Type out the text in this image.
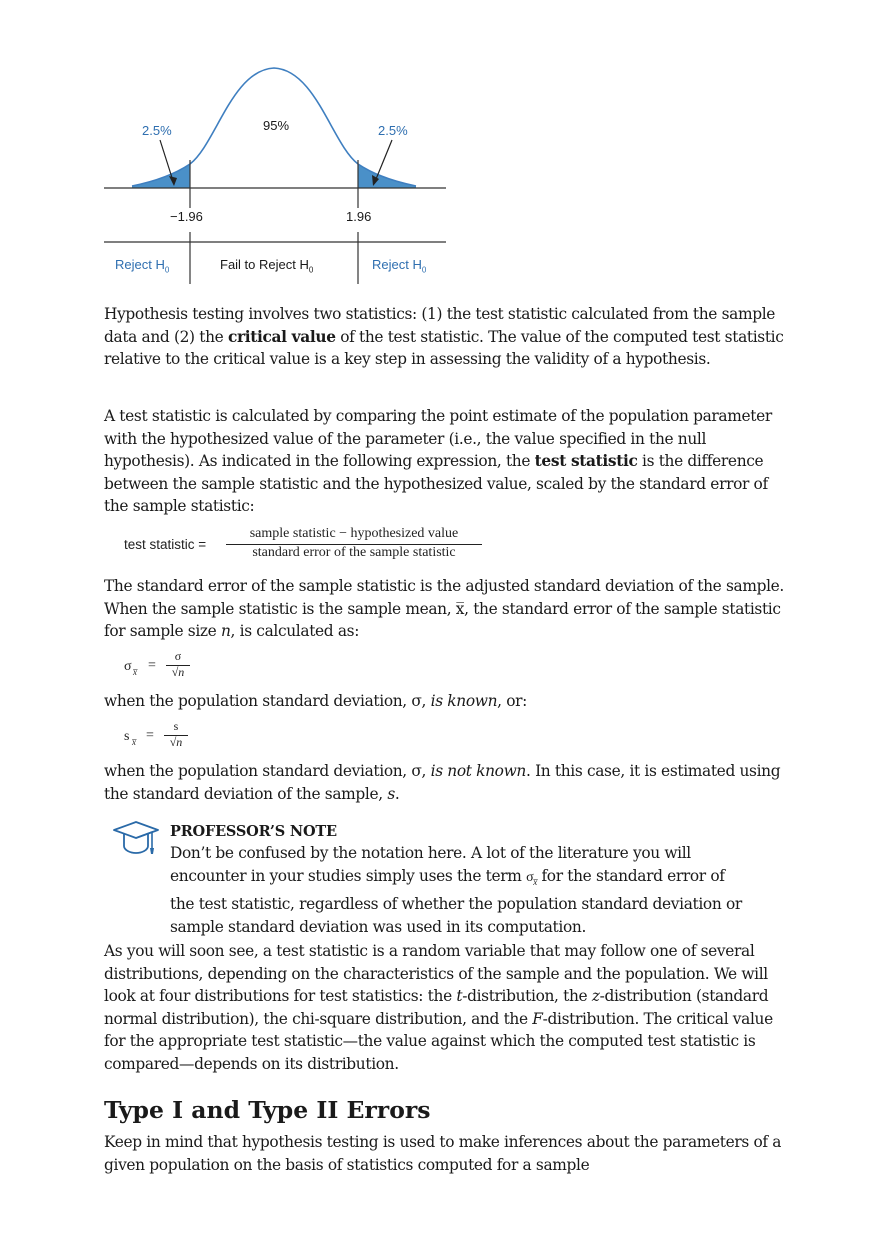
2.5%	95%	2.5%
−1.96	1.96
Reject $H_0$	Fail to Reject $H_0$	Reject $H_0$

Hypothesis testing involves two statistics: (1) the test statistic calculated from the sample data and (2) the critical value of the test statistic. The value of the computed test statistic relative to the critical value is a key step in assessing the validity of a hypothesis.

A test statistic is calculated by comparing the point estimate of the population parameter with the hypothesized value of the parameter (i.e., the value specified in the null hypothesis). As indicated in the following expression, the test statistic is the difference between the sample statistic and the hypothesized value, scaled by the standard error of the sample statistic:

test statistic =
sample statistic − hypothesized value
standard error of the sample statistic

The standard error of the sample statistic is the adjusted standard deviation of the sample. When the sample statistic is the sample mean, x̅, the standard error of the sample statistic for sample size n, is calculated as:

σ x̅ =
σ
√n

when the population standard deviation, σ, is known, or:

s x̅ =
s
√n

when the population standard deviation, σ, is not known. In this case, it is estimated using the standard deviation of the sample, s.

PROFESSOR’S NOTE
Don’t be confused by the notation here. A lot of the literature you will encounter in your studies simply uses the term $\sigma_{x̅}$ for the standard error of the test statistic, regardless of whether the population standard deviation or sample standard deviation was used in its computation.

As you will soon see, a test statistic is a random variable that may follow one of several distributions, depending on the characteristics of the sample and the population. We will look at four distributions for test statistics: the t-distribution, the z-distribution (standard normal distribution), the chi-square distribution, and the F-distribution. The critical value for the appropriate test statistic—the value against which the computed test statistic is compared—depends on its distribution.

Type I and Type II Errors

Keep in mind that hypothesis testing is used to make inferences about the parameters of a given population on the basis of statistics computed for a sample
